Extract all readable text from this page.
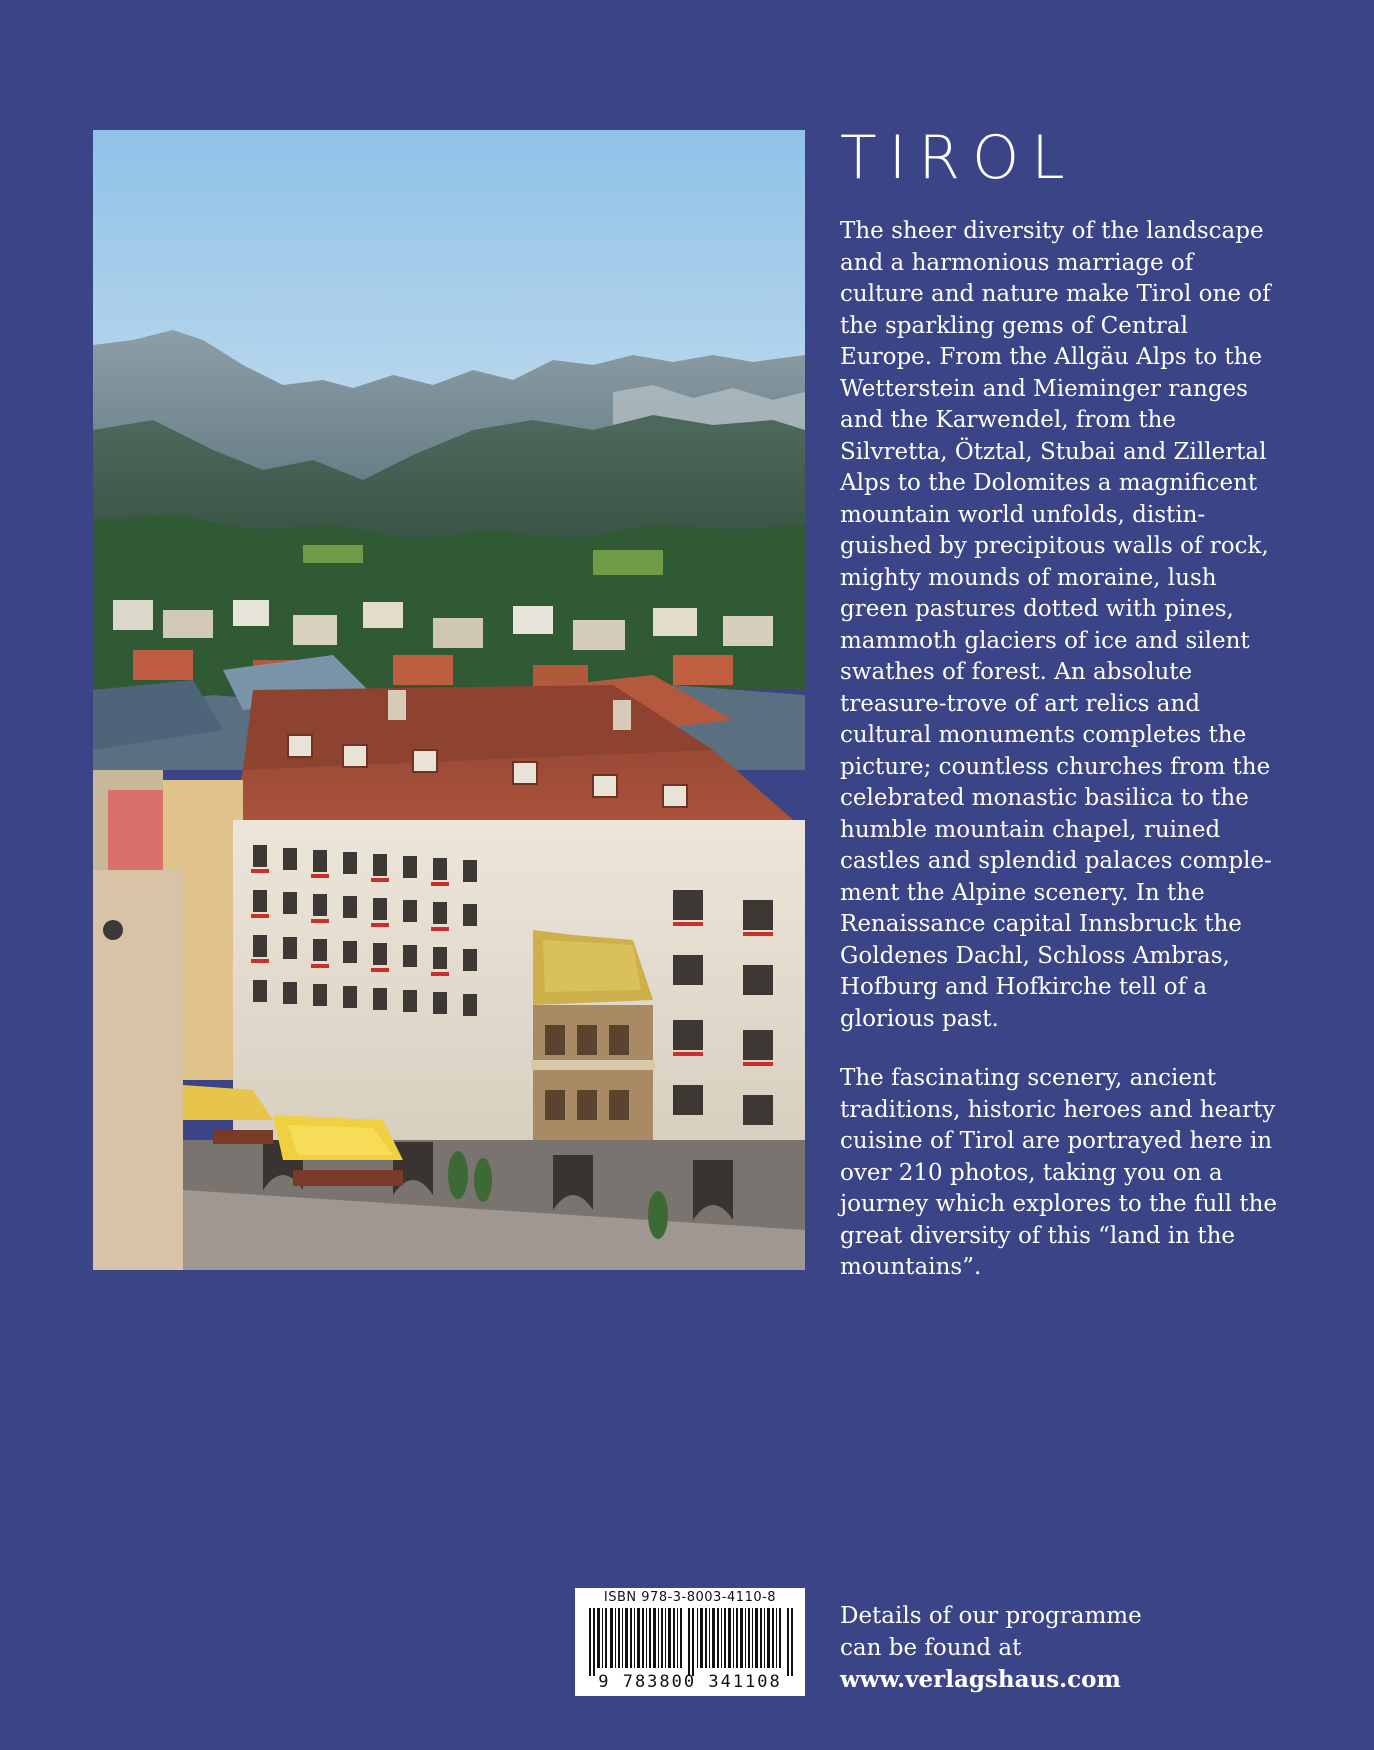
TIROL

The sheer diversity of the landscape and a harmonious marriage of culture and nature make Tirol one of the sparkling gems of Central Europe. From the Allgäu Alps to the Wetterstein and Mieminger ranges and the Karwendel, from the Silvretta, Ötztal, Stubai and Zillertal Alps to the Dolomites a magnificent mountain world unfolds, distin-guished by precipitous walls of rock, mighty mounds of moraine, lush green pastures dotted with pines, mammoth glaciers of ice and silent swathes of forest. An absolute treasure-trove of art relics and cultural monuments completes the picture; countless churches from the celebrated monastic basilica to the humble mountain chapel, ruined castles and splendid palaces comple-ment the Alpine scenery. In the Renaissance capital Innsbruck the Goldenes Dachl, Schloss Ambras, Hofburg and Hofkirche tell of a glorious past.

The fascinating scenery, ancient traditions, historic heroes and hearty cuisine of Tirol are portrayed here in over 210 photos, taking you on a journey which explores to the full the great diversity of this “land in the mountains”.

ISBN 978-3-8003-4110-8
9 783800 341108

Details of our programme
can be found at
www.verlagshaus.com
